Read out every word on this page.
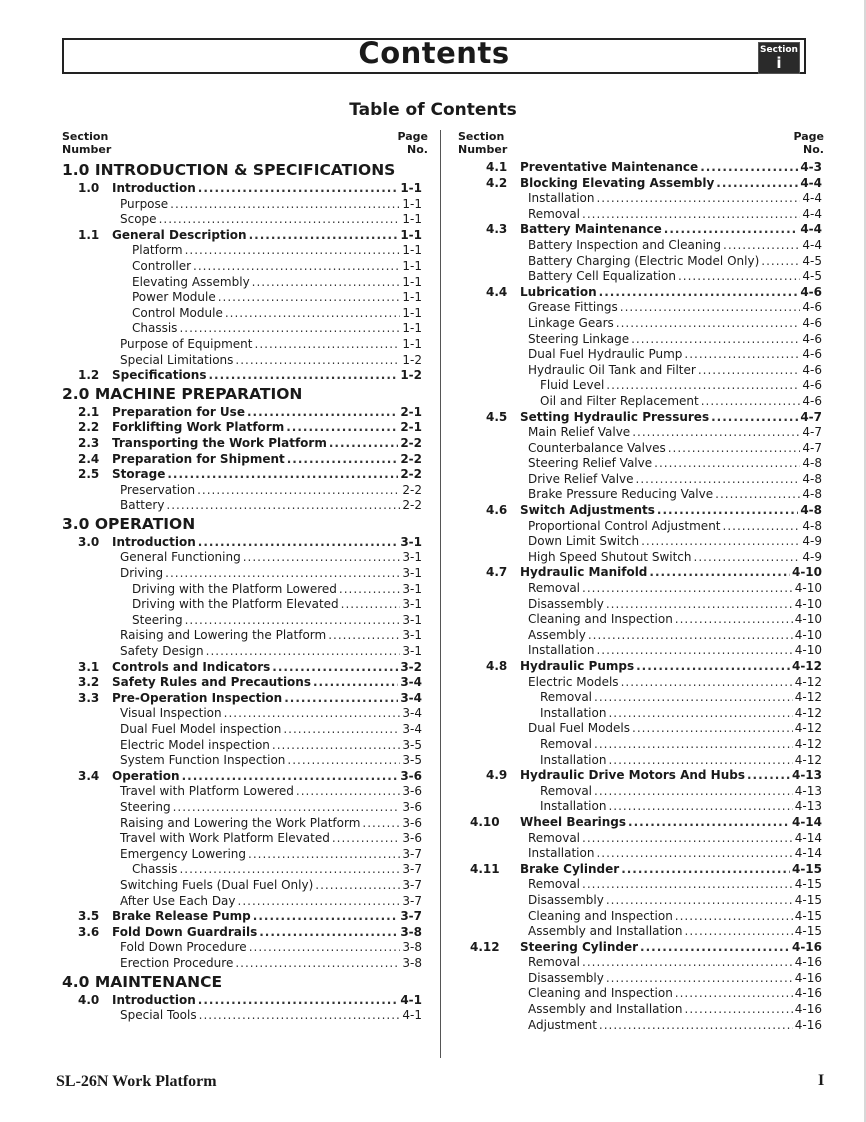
Contents	Section
i
Table of Contents
Section
Number
Page
No.
Section
Number
Page
No.
1.0 INTRODUCTION & SPECIFICATIONS
1.0 Introduction .....	1-1
Purpose .....	1-1
Scope .....	1-1
1.1 General Description .....	1-1
Platform .....	1-1
Controller .....	1-1
Elevating Assembly .....	1-1
Power Module .....	1-1
Control Module .....	1-1
Chassis .....	1-1
Purpose of Equipment .....	1-1
Special Limitations .....	1-2
1.2 Specifications .....	1-2
2.0 MACHINE PREPARATION
2.1 Preparation for Use .....	2-1
2.2 Forklifting Work Platform .....	2-1
2.3 Transporting the Work Platform .....	2-2
2.4 Preparation for Shipment .....	2-2
2.5 Storage .....	2-2
Preservation .....	2-2
Battery .....	2-2
3.0 OPERATION
3.0 Introduction .....	3-1
General Functioning .....	3-1
Driving .....	3-1
Driving with the Platform Lowered .....	3-1
Driving with the Platform Elevated .....	3-1
Steering .....	3-1
Raising and Lowering the Platform .....	3-1
Safety Design .....	3-1
3.1 Controls and Indicators .....	3-2
3.2 Safety Rules and Precautions .....	3-4
3.3 Pre-Operation Inspection .....	3-4
Visual Inspection .....	3-4
Dual Fuel Model inspection .....	3-4
Electric Model inspection .....	3-5
System Function Inspection .....	3-5
3.4 Operation .....	3-6
Travel with Platform Lowered .....	3-6
Steering .....	3-6
Raising and Lowering the Work Platform .....	3-6
Travel with Work Platform Elevated .....	3-6
Emergency Lowering .....	3-7
Chassis .....	3-7
Switching Fuels (Dual Fuel Only) .....	3-7
After Use Each Day .....	3-7
3.5 Brake Release Pump .....	3-7
3.6 Fold Down Guardrails .....	3-8
Fold Down Procedure .....	3-8
Erection Procedure .....	3-8
4.0 MAINTENANCE
4.0 Introduction .....	4-1
Special Tools .....	4-1
4.1 Preventative Maintenance .....	4-3
4.2 Blocking Elevating Assembly .....	4-4
Installation .....	4-4
Removal .....	4-4
4.3 Battery Maintenance .....	4-4
Battery Inspection and Cleaning .....	4-4
Battery Charging (Electric Model Only) .....	4-5
Battery Cell Equalization .....	4-5
4.4 Lubrication .....	4-6
Grease Fittings .....	4-6
Linkage Gears .....	4-6
Steering Linkage .....	4-6
Dual Fuel Hydraulic Pump .....	4-6
Hydraulic Oil Tank and Filter .....	4-6
Fluid Level .....	4-6
Oil and Filter Replacement .....	4-6
4.5 Setting Hydraulic Pressures .....	4-7
Main Relief Valve .....	4-7
Counterbalance Valves .....	4-7
Steering Relief Valve .....	4-8
Drive Relief Valve .....	4-8
Brake Pressure Reducing Valve .....	4-8
4.6 Switch Adjustments .....	4-8
Proportional Control Adjustment .....	4-8
Down Limit Switch .....	4-9
High Speed Shutout Switch .....	4-9
4.7 Hydraulic Manifold .....	4-10
Removal .....	4-10
Disassembly .....	4-10
Cleaning and Inspection .....	4-10
Assembly .....	4-10
Installation .....	4-10
4.8 Hydraulic Pumps .....	4-12
Electric Models .....	4-12
Removal .....	4-12
Installation .....	4-12
Dual Fuel Models .....	4-12
Removal .....	4-12
Installation .....	4-12
4.9 Hydraulic Drive Motors And Hubs .....	4-13
Removal .....	4-13
Installation .....	4-13
4.10 Wheel Bearings .....	4-14
Removal .....	4-14
Installation .....	4-14
4.11 Brake Cylinder .....	4-15
Removal .....	4-15
Disassembly .....	4-15
Cleaning and Inspection .....	4-15
Assembly and Installation .....	4-15
4.12 Steering Cylinder .....	4-16
Removal .....	4-16
Disassembly .....	4-16
Cleaning and Inspection .....	4-16
Assembly and Installation .....	4-16
Adjustment .....	4-16
SL-26N Work Platform	I
